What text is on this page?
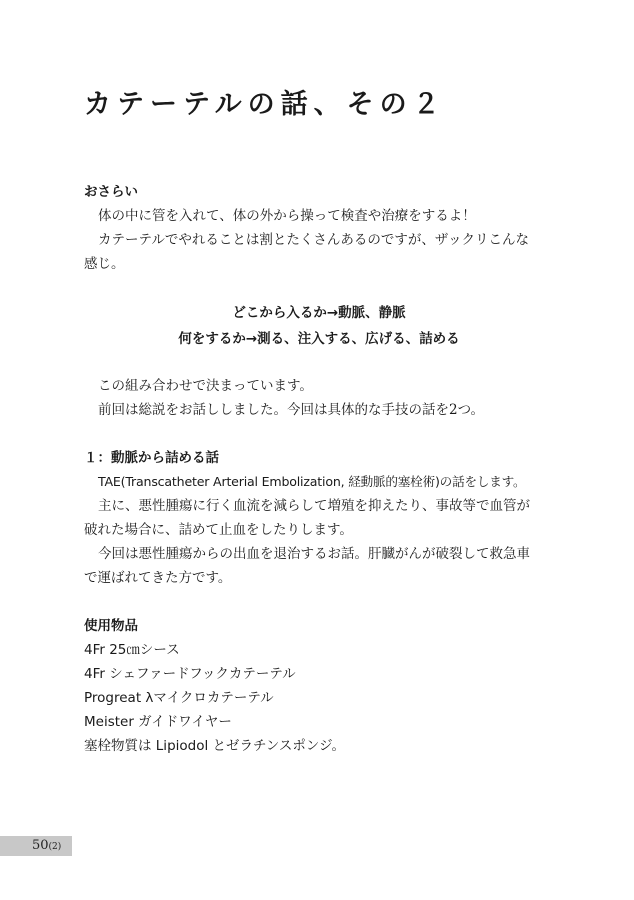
カテーテルの話、その２

おさらい

体の中に管を入れて、体の外から操って検査や治療をするよ！

カテーテルでやれることは割とたくさんあるのですが、ザックリこんな

感じ。

どこから入るか→動脈、静脈

何をするか→測る、注入する、広げる、詰める

この組み合わせで決まっています。

前回は総説をお話ししました。今回は具体的な手技の話を2つ。

１：動脈から詰める話

TAE(Transcatheter Arterial Embolization, 経動脈的塞栓術)の話をします。

主に、悪性腫瘍に行く血流を減らして増殖を抑えたり、事故等で血管が

破れた場合に、詰めて止血をしたりします。

今回は悪性腫瘍からの出血を退治するお話。肝臓がんが破裂して救急車

で運ばれてきた方です。

使用物品

4Fr 25㎝シース

4Fr シェファードフックカテーテル

Progreat λマイクロカテーテル

Meister ガイドワイヤー

塞栓物質は Lipiodol とゼラチンスポンジ。

50(2)
